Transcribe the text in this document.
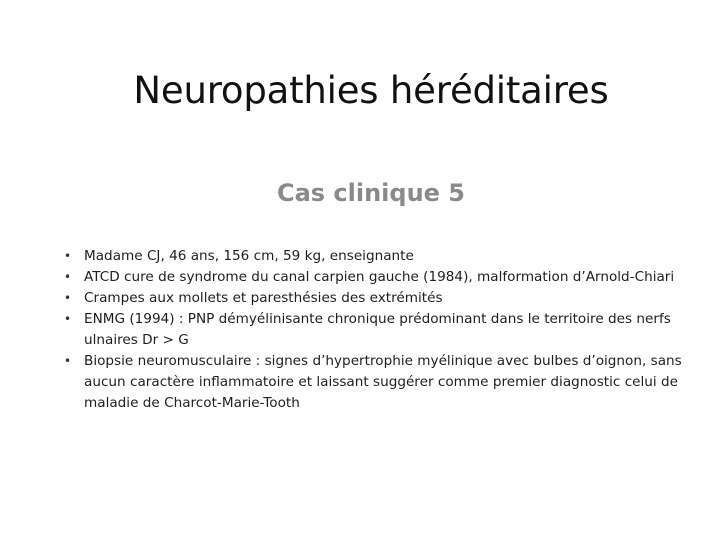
Neuropathies héréditaires
Cas clinique 5
• Madame CJ, 46 ans, 156 cm, 59 kg, enseignante
• ATCD cure de syndrome du canal carpien gauche (1984), malformation d’Arnold-Chiari
• Crampes aux mollets et paresthésies des extrémités
• ENMG (1994) : PNP démyélinisante chronique prédominant dans le territoire des nerfs ulnaires Dr > G
• Biopsie neuromusculaire : signes d’hypertrophie myélinique avec bulbes d’oignon, sans aucun caractère inflammatoire et laissant suggérer comme premier diagnostic celui de maladie de Charcot-Marie-Tooth
